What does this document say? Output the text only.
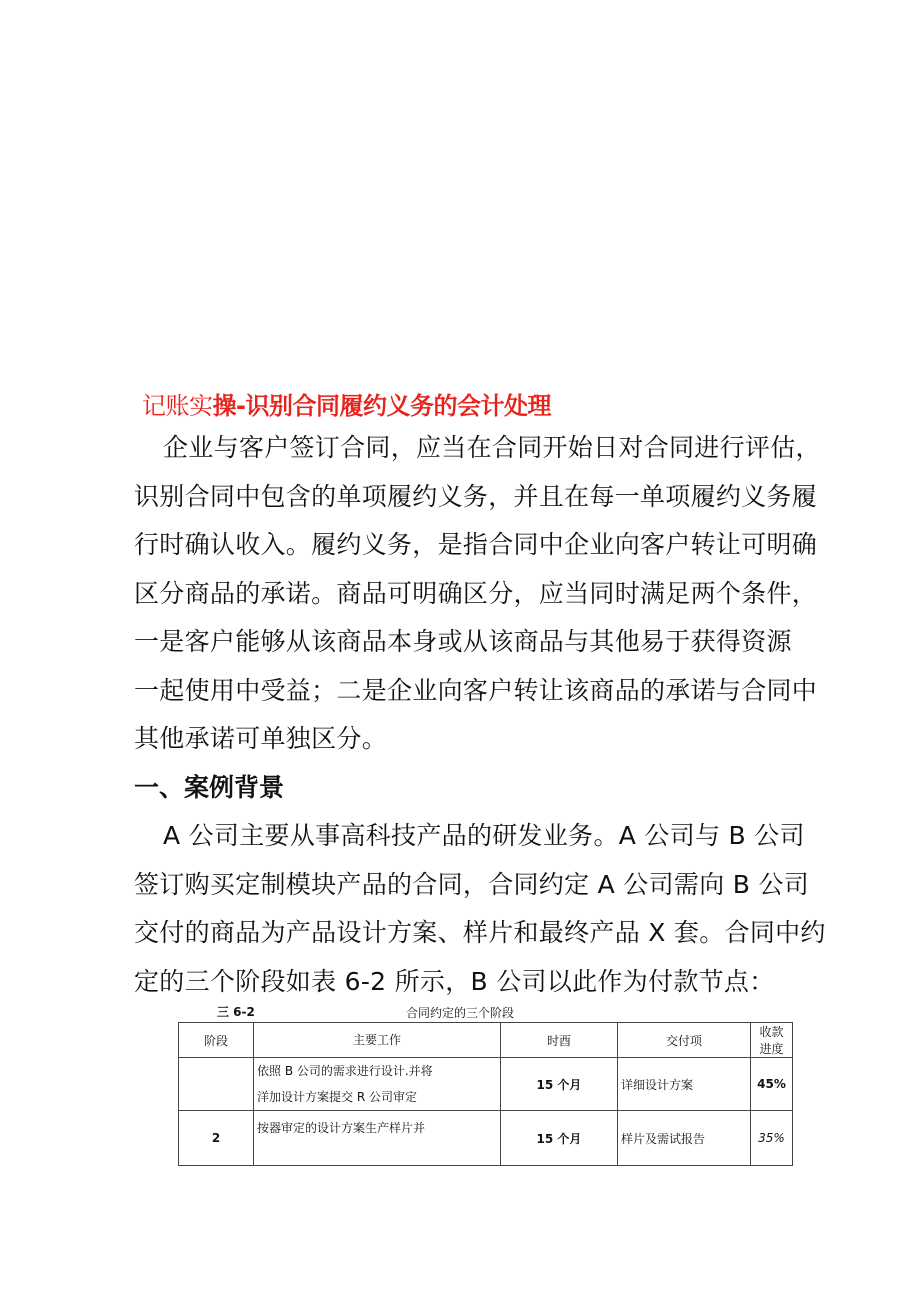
记账实操-识别合同履约义务的会计处理
企业与客户签订合同，应当在合同开始日对合同进行评估，
识别合同中包含的单项履约义务，并且在每一单项履约义务履
行时确认收入。履约义务，是指合同中企业向客户转让可明确
区分商品的承诺。商品可明确区分，应当同时满足两个条件，
一是客户能够从该商品本身或从该商品与其他易于获得资源
一起使用中受益；二是企业向客户转让该商品的承诺与合同中
其他承诺可单独区分。
一、案例背景
A 公司主要从事高科技产品的研发业务。A 公司与 B 公司
签订购买定制模块产品的合同，合同约定 A 公司需向 B 公司
交付的商品为产品设计方案、样片和最终产品 X 套。合同中约
定的三个阶段如表 6-2 所示，B 公司以此作为付款节点：
三 6-2	合同约定的三个阶段
阶段	主要工作	时酉	交付项	收款进度

	依照 B 公司的需求进行设计.并将
洋加设计方案提交 R 公司审定	15 个月	详细设计方案	45%
2	按器审定的设计方案生产样片并	15 个月	样片及需试报告	35%
